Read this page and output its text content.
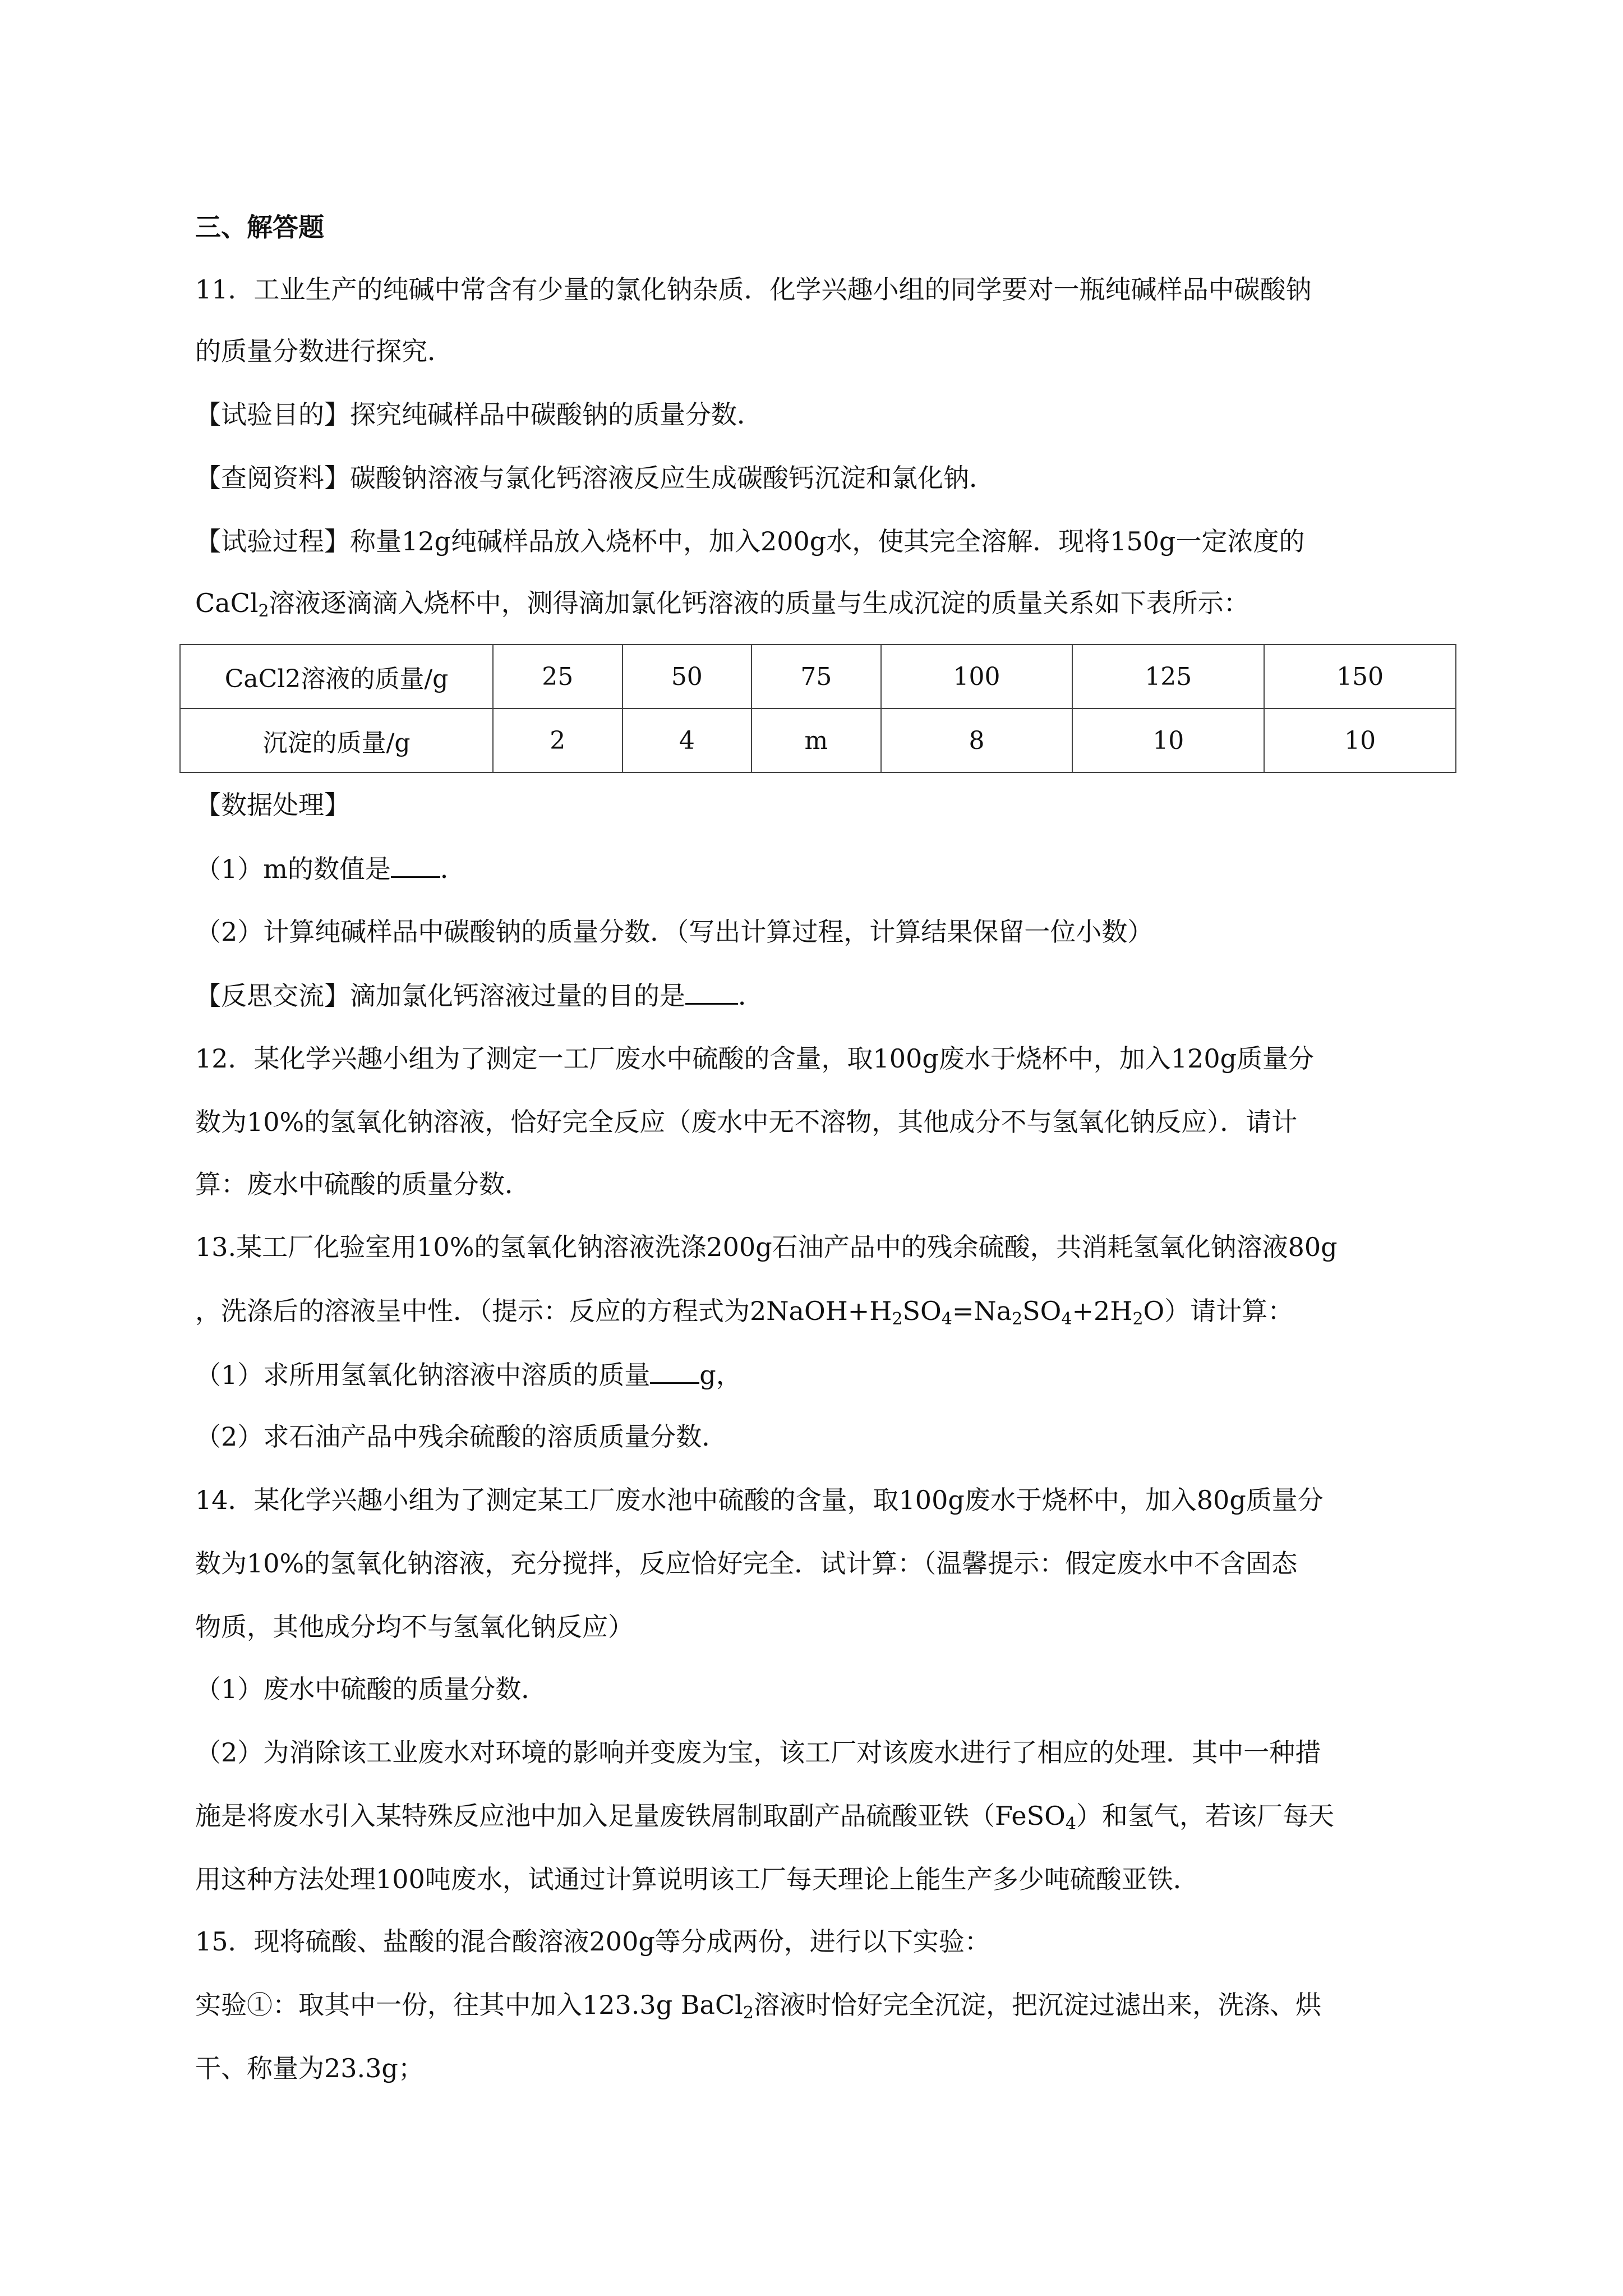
三、解答题
11．工业生产的纯碱中常含有少量的氯化钠杂质．化学兴趣小组的同学要对一瓶纯碱样品中碳酸钠
的质量分数进行探究．
【试验目的】探究纯碱样品中碳酸钠的质量分数．
【查阅资料】碳酸钠溶液与氯化钙溶液反应生成碳酸钙沉淀和氯化钠．
【试验过程】称量12g纯碱样品放入烧杯中，加入200g水，使其完全溶解．现将150g一定浓度的
CaCl$_2$溶液逐滴滴入烧杯中，测得滴加氯化钙溶液的质量与生成沉淀的质量关系如下表所示：
CaCl2溶液的质量/g	25	50	75	100	125	150
沉淀的质量/g	2	4	m	8	10	10
【数据处理】
（1）m的数值是 ．
（2）计算纯碱样品中碳酸钠的质量分数．（写出计算过程，计算结果保留一位小数）
【反思交流】滴加氯化钙溶液过量的目的是 ．
12．某化学兴趣小组为了测定一工厂废水中硫酸的含量，取100g废水于烧杯中，加入120g质量分
数为10%的氢氧化钠溶液，恰好完全反应（废水中无不溶物，其他成分不与氢氧化钠反应）．请计
算：废水中硫酸的质量分数．
13.某工厂化验室用10%的氢氧化钠溶液洗涤200g石油产品中的残余硫酸，共消耗氢氧化钠溶液80g
，洗涤后的溶液呈中性．（提示：反应的方程式为$2NaOH+H_2SO_4=Na_2SO_4+2H_2O$）请计算：
（1）求所用氢氧化钠溶液中溶质的质量 g，
（2）求石油产品中残余硫酸的溶质质量分数．
14．某化学兴趣小组为了测定某工厂废水池中硫酸的含量，取100g废水于烧杯中，加入80g质量分
数为10%的氢氧化钠溶液，充分搅拌，反应恰好完全．试计算：（温馨提示：假定废水中不含固态
物质，其他成分均不与氢氧化钠反应）
（1）废水中硫酸的质量分数．
（2）为消除该工业废水对环境的影响并变废为宝，该工厂对该废水进行了相应的处理．其中一种措
施是将废水引入某特殊反应池中加入足量废铁屑制取副产品硫酸亚铁（FeSO$_4$）和氢气，若该厂每天
用这种方法处理100吨废水，试通过计算说明该工厂每天理论上能生产多少吨硫酸亚铁．
15．现将硫酸、盐酸的混合酸溶液200g等分成两份，进行以下实验：
实验①：取其中一份，往其中加入123.3g BaCl$_2$溶液时恰好完全沉淀，把沉淀过滤出来，洗涤、烘
干、称量为23.3g；
